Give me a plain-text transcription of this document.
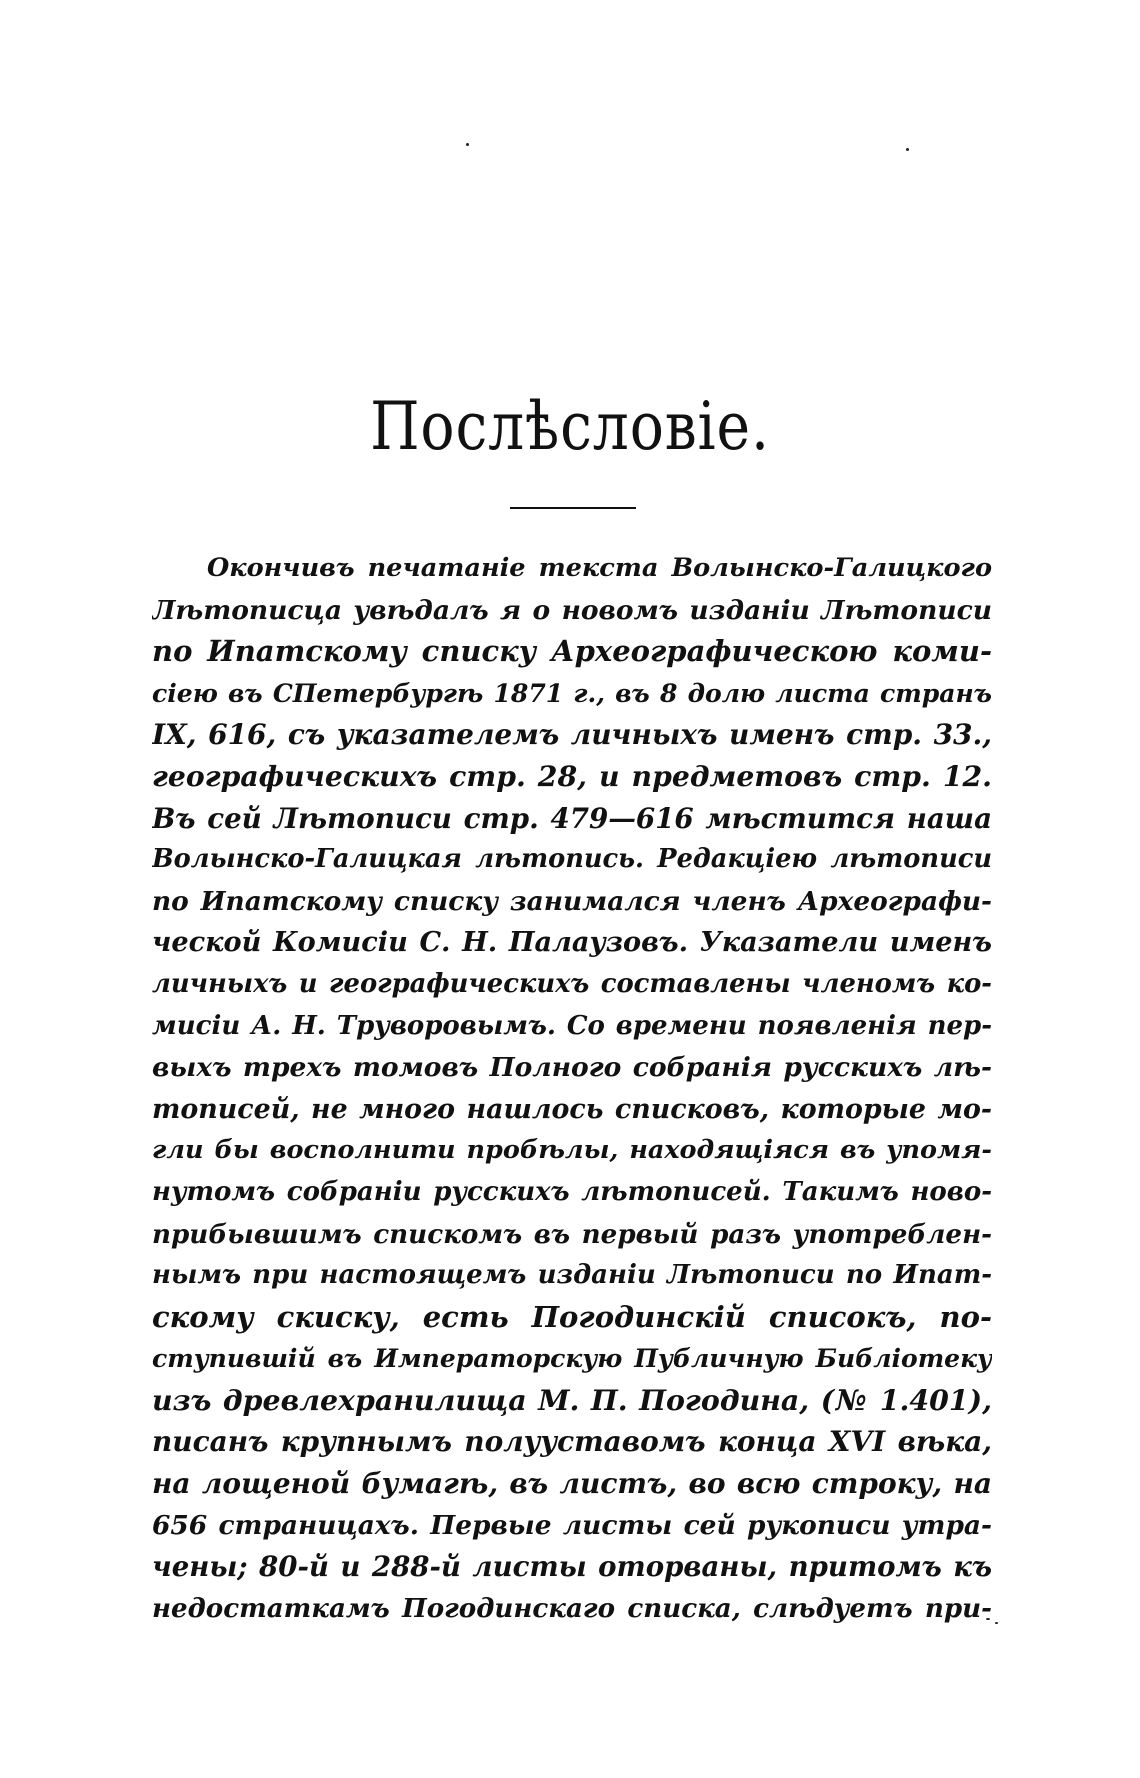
Послѣсловіе.
Окончивъ печатаніе текста Волынско-Галицкого
Лѣтописца увѣдалъ я о новомъ изданіи Лѣтописи
по Ипатскому списку Археографическою коми-
сіею въ СПетербургѣ 1871 г., въ 8 долю листа странъ
IX, 616, съ указателемъ личныхъ именъ стр. 33.,
географическихъ стр. 28, и предметовъ стр. 12.
Въ сей Лѣтописи стр. 479—616 мѣстится наша
Волынско-Галицкая лѣтопись. Редакціею лѣтописи
по Ипатскому списку занимался членъ Археографи-
ческой Комисіи С. Н. Палаузовъ. Указатели именъ
личныхъ и географическихъ составлены членомъ ко-
мисіи А. Н. Труворовымъ. Со времени появленія пер-
выхъ трехъ томовъ Полного собранія русскихъ лѣ-
тописей, не много нашлось списковъ, которые мо-
гли бы восполнити пробѣлы, находящіяся въ упомя-
нутомъ собраніи русскихъ лѣтописей. Такимъ ново-
прибывшимъ спискомъ въ первый разъ употреблен-
нымъ при настоящемъ изданіи Лѣтописи по Ипат-
скому скиску, есть Погодинскій списокъ, по-
ступившій въ Императорскую Публичную Библіотеку
изъ древлехранилища М. П. Погодина, (№ 1.401),
писанъ крупнымъ полууставомъ конца XVI вѣка,
на лощеной бумагѣ, въ листъ, во всю строку, на
656 страницахъ. Первые листы сей рукописи утра-
чены; 80-й и 288-й листы оторваны, притомъ къ
недостаткамъ Погодинскаго списка, слѣдуетъ при-
